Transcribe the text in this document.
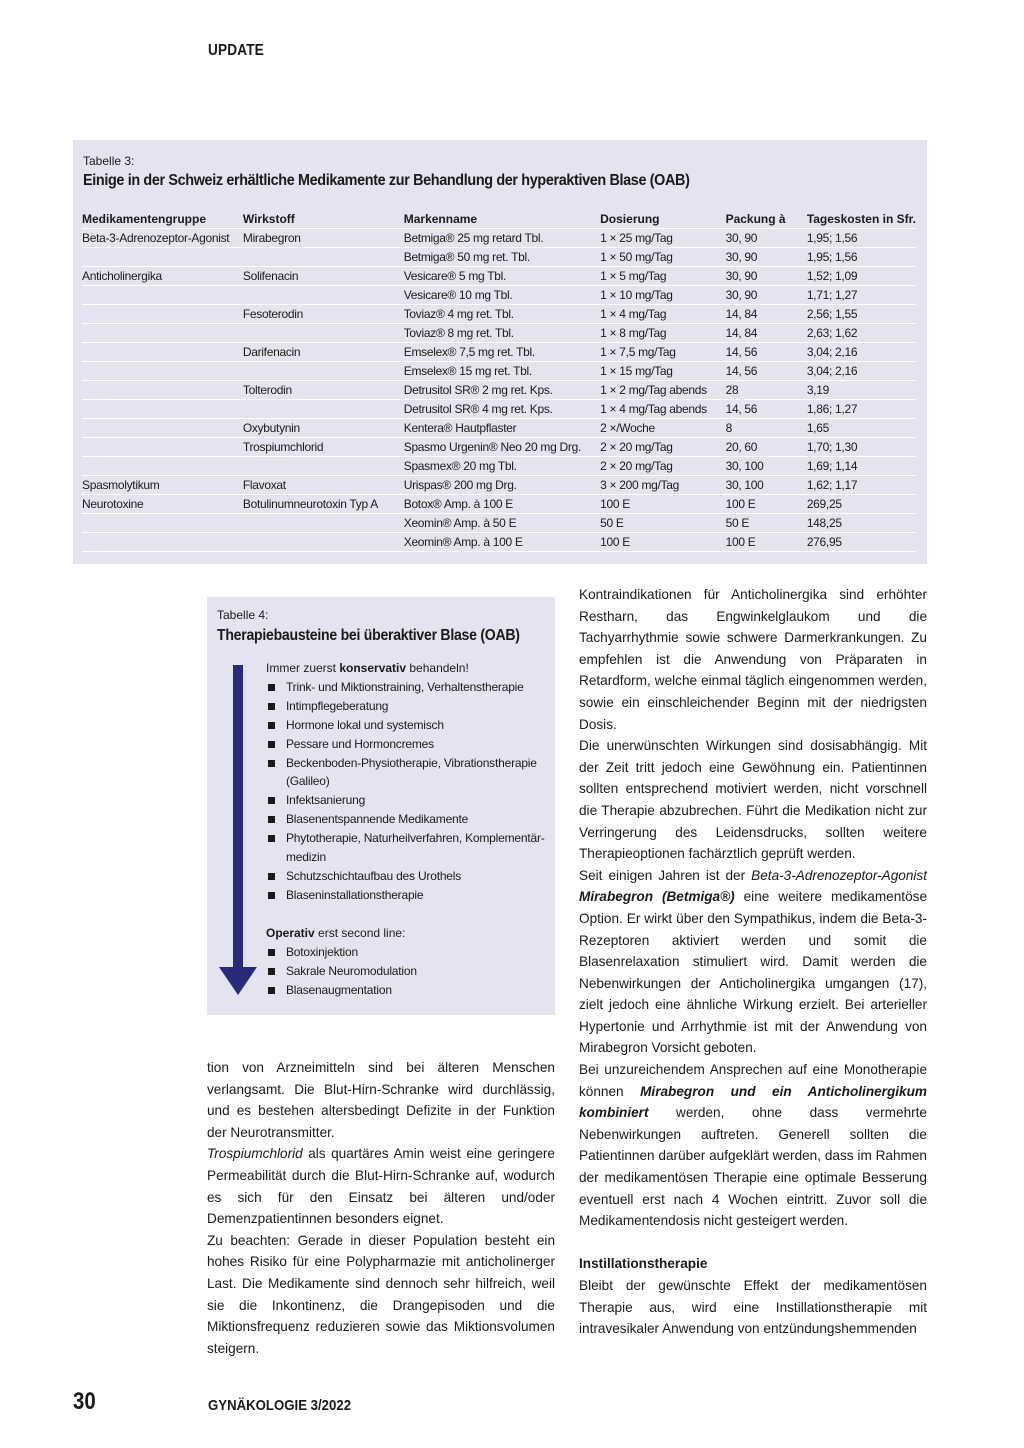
UPDATE
Tabelle 3:
Einige in der Schweiz erhältliche Medikamente zur Behandlung der hyperaktiven Blase (OAB)
Medikamentengruppe	Wirkstoff	Markenname	Dosierung	Packung à	Tageskosten in Sfr.
Beta-3-Adrenozeptor-Agonist	Mirabegron	Betmiga® 25 mg retard Tbl.	1 × 25 mg/Tag	30, 90	1,95; 1,56
		Betmiga® 50 mg ret. Tbl.	1 × 50 mg/Tag	30, 90	1,95; 1,56
Anticholinergika	Solifenacin	Vesicare® 5 mg Tbl.	1 × 5 mg/Tag	30, 90	1,52; 1,09
		Vesicare® 10 mg Tbl.	1 × 10 mg/Tag	30, 90	1,71; 1,27
	Fesoterodin	Toviaz® 4 mg ret. Tbl.	1 × 4 mg/Tag	14, 84	2,56; 1,55
		Toviaz® 8 mg ret. Tbl.	1 × 8 mg/Tag	14, 84	2,63; 1,62
	Darifenacin	Emselex® 7,5 mg ret. Tbl.	1 × 7,5 mg/Tag	14, 56	3,04; 2,16
		Emselex® 15 mg ret. Tbl.	1 × 15 mg/Tag	14, 56	3,04; 2,16
	Tolterodin	Detrusitol SR® 2 mg ret. Kps.	1 × 2 mg/Tag abends	28	3,19
		Detrusitol SR® 4 mg ret. Kps.	1 × 4 mg/Tag abends	14, 56	1,86; 1,27
	Oxybutynin	Kentera® Hautpflaster	2 ×/Woche	8	1,65
	Trospiumchlorid	Spasmo Urgenin® Neo 20 mg Drg.	2 × 20 mg/Tag	20, 60	1,70; 1,30
		Spasmex® 20 mg Tbl.	2 × 20 mg/Tag	30, 100	1,69; 1,14
Spasmolytikum	Flavoxat	Urispas® 200 mg Drg.	3 × 200 mg/Tag	30, 100	1,62; 1,17
Neurotoxine	Botulinumneurotoxin Typ A	Botox® Amp. à 100 E	100 E	100 E	269,25
		Xeomin® Amp. à 50 E	50 E	50 E	148,25
		Xeomin® Amp. à 100 E	100 E	100 E	276,95
Tabelle 4:
Therapiebausteine bei überaktiver Blase (OAB)
Immer zuerst konservativ behandeln!
Trink- und Miktionstraining, Verhaltenstherapie
Intimpflegeberatung
Hormone lokal und systemisch
Pessare und Hormoncremes
Beckenboden-Physiotherapie, Vibrationstherapie (Galileo)
Infektsanierung
Blasenentspannende Medikamente
Phytotherapie, Naturheilverfahren, Komplementär-medizin
Schutzschichtaufbau des Urothels
Blaseninstallationstherapie
Operativ erst second line:
Botoxinjektion
Sakrale Neuromodulation
Blasenaugmentation

tion von Arzneimitteln sind bei älteren Menschen verlangsamt. Die Blut-Hirn-Schranke wird durchlässig, und es bestehen altersbedingt Defizite in der Funktion der Neurotransmitter.

Trospiumchlorid als quartäres Amin weist eine geringere Permeabilität durch die Blut-Hirn-Schranke auf, wodurch es sich für den Einsatz bei älteren und/oder Demenzpatientinnen besonders eignet.

Zu beachten: Gerade in dieser Population besteht ein hohes Risiko für eine Polypharmazie mit anticholinerger Last. Die Medikamente sind dennoch sehr hilfreich, weil sie die Inkontinenz, die Drangepisoden und die Miktionsfrequenz reduzieren sowie das Miktionsvolumen steigern.

Kontraindikationen für Anticholinergika sind erhöhter Restharn, das Engwinkelglaukom und die Tachyarrhythmie sowie schwere Darmerkrankungen. Zu empfehlen ist die Anwendung von Präparaten in Retardform, welche einmal täglich eingenommen werden, sowie ein einschleichender Beginn mit der niedrigsten Dosis.

Die unerwünschten Wirkungen sind dosisabhängig. Mit der Zeit tritt jedoch eine Gewöhnung ein. Patientinnen sollten entsprechend motiviert werden, nicht vorschnell die Therapie abzubrechen. Führt die Medikation nicht zur Verringerung des Leidensdrucks, sollten weitere Therapieoptionen fachärztlich geprüft werden.

Seit einigen Jahren ist der Beta-3-Adrenozeptor-Agonist Mirabegron (Betmiga®) eine weitere medikamentöse Option. Er wirkt über den Sympathikus, indem die Beta-3-Rezeptoren aktiviert werden und somit die Blasenrelaxation stimuliert wird. Damit werden die Nebenwirkungen der Anticholinergika umgangen (17), zielt jedoch eine ähnliche Wirkung erzielt. Bei arterieller Hypertonie und Arrhythmie ist mit der Anwendung von Mirabegron Vorsicht geboten.

Bei unzureichendem Ansprechen auf eine Monotherapie können Mirabegron und ein Anticholinergikum kombiniert werden, ohne dass vermehrte Nebenwirkungen auftreten. Generell sollten die Patientinnen darüber aufgeklärt werden, dass im Rahmen der medikamentösen Therapie eine optimale Besserung eventuell erst nach 4 Wochen eintritt. Zuvor soll die Medikamentendosis nicht gesteigert werden.

Instillationstherapie

Bleibt der gewünschte Effekt der medikamentösen Therapie aus, wird eine Instillationstherapie mit intravesikaler Anwendung von entzündungshemmenden

30	GYNÄKOLOGIE 3/2022
